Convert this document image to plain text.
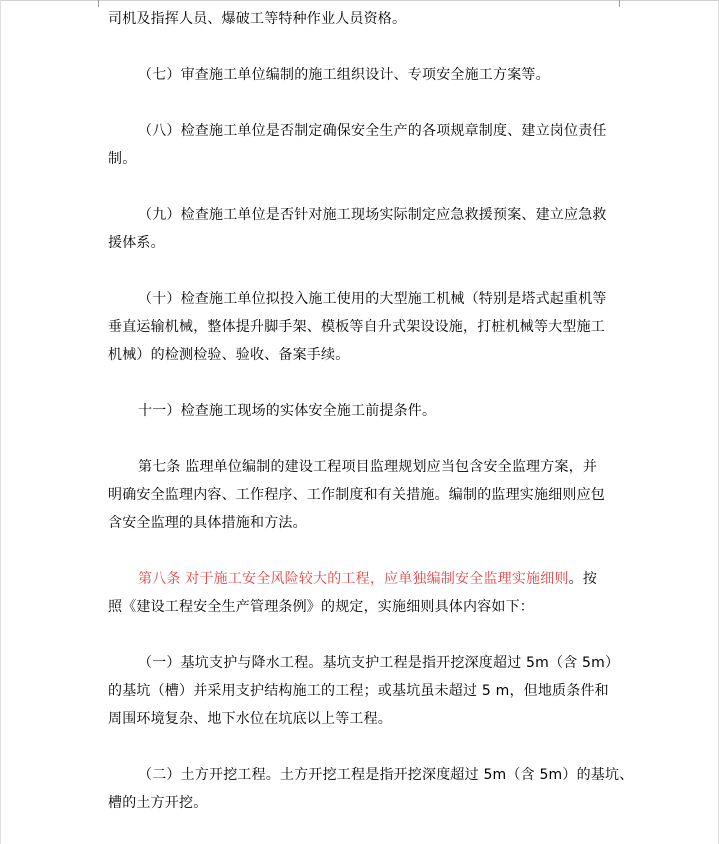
司机及指挥人员、爆破工等特种作业人员资格。
（七）审查施工单位编制的施工组织设计、专项安全施工方案等。
（八）检查施工单位是否制定确保安全生产的各项规章制度、建立岗位责任
制。
（九）检查施工单位是否针对施工现场实际制定应急救援预案、建立应急救
援体系。
（十）检查施工单位拟投入施工使用的大型施工机械（特别是塔式起重机等
垂直运输机械，整体提升脚手架、模板等自升式架设设施，打桩机械等大型施工
机械）的检测检验、验收、备案手续。
十一）检查施工现场的实体安全施工前提条件。
第七条 监理单位编制的建设工程项目监理规划应当包含安全监理方案，并
明确安全监理内容、工作程序、工作制度和有关措施。编制的监理实施细则应包
含安全监理的具体措施和方法。
第八条 对于施工安全风险较大的工程，应单独编制安全监理实施细则。按
照《建设工程安全生产管理条例》的规定，实施细则具体内容如下：
（一）基坑支护与降水工程。基坑支护工程是指开挖深度超过 5m（含 5m）
的基坑（槽）并采用支护结构施工的工程；或基坑虽未超过 5 m，但地质条件和
周围环境复杂、地下水位在坑底以上等工程。
（二）土方开挖工程。土方开挖工程是指开挖深度超过 5m（含 5m）的基坑、
槽的土方开挖。
